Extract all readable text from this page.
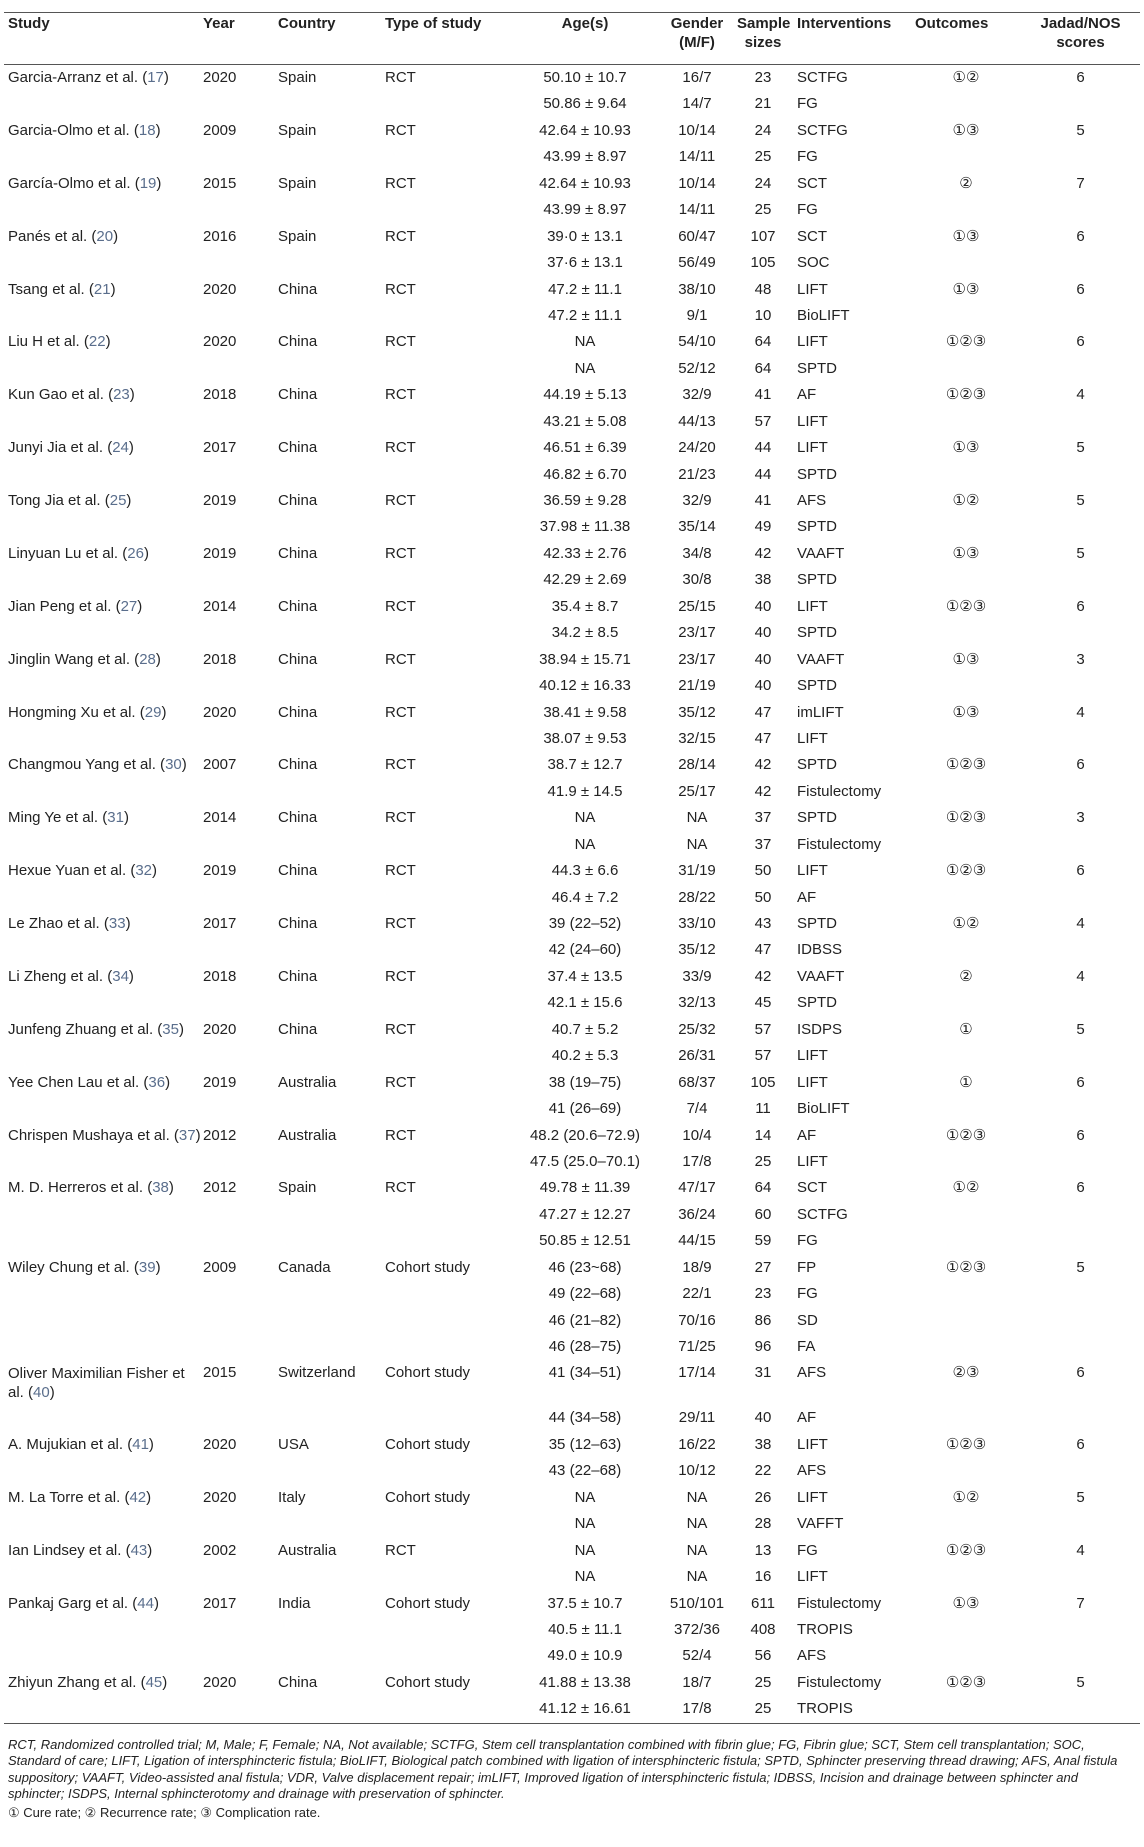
Study	Year	Country	Type of study	Age(s)	Gender (M/F)	Sample sizes	Interventions	Outcomes	Jadad/NOS scores
Garcia-Arranz et al. (17)	2020	Spain	RCT	50.10 ± 10.7	16/7	23	SCTFG	①②	6
				50.86 ± 9.64	14/7	21	FG		
Garcia-Olmo et al. (18)	2009	Spain	RCT	42.64 ± 10.93	10/14	24	SCTFG	①③	5
				43.99 ± 8.97	14/11	25	FG		
García-Olmo et al. (19)	2015	Spain	RCT	42.64 ± 10.93	10/14	24	SCT	②	7
				43.99 ± 8.97	14/11	25	FG		
Panés et al. (20)	2016	Spain	RCT	39·0 ± 13.1	60/47	107	SCT	①③	6
				37·6 ± 13.1	56/49	105	SOC		
Tsang et al. (21)	2020	China	RCT	47.2 ± 11.1	38/10	48	LIFT	①③	6
				47.2 ± 11.1	9/1	10	BioLIFT		
Liu H et al. (22)	2020	China	RCT	NA	54/10	64	LIFT	①②③	6
				NA	52/12	64	SPTD		
Kun Gao et al. (23)	2018	China	RCT	44.19 ± 5.13	32/9	41	AF	①②③	4
				43.21 ± 5.08	44/13	57	LIFT		
Junyi Jia et al. (24)	2017	China	RCT	46.51 ± 6.39	24/20	44	LIFT	①③	5
				46.82 ± 6.70	21/23	44	SPTD		
Tong Jia et al. (25)	2019	China	RCT	36.59 ± 9.28	32/9	41	AFS	①②	5
				37.98 ± 11.38	35/14	49	SPTD		
Linyuan Lu et al. (26)	2019	China	RCT	42.33 ± 2.76	34/8	42	VAAFT	①③	5
				42.29 ± 2.69	30/8	38	SPTD		
Jian Peng et al. (27)	2014	China	RCT	35.4 ± 8.7	25/15	40	LIFT	①②③	6
				34.2 ± 8.5	23/17	40	SPTD		
Jinglin Wang et al. (28)	2018	China	RCT	38.94 ± 15.71	23/17	40	VAAFT	①③	3
				40.12 ± 16.33	21/19	40	SPTD		
Hongming Xu et al. (29)	2020	China	RCT	38.41 ± 9.58	35/12	47	imLIFT	①③	4
				38.07 ± 9.53	32/15	47	LIFT		
Changmou Yang et al. (30)	2007	China	RCT	38.7 ± 12.7	28/14	42	SPTD	①②③	6
				41.9 ± 14.5	25/17	42	Fistulectomy		
Ming Ye et al. (31)	2014	China	RCT	NA	NA	37	SPTD	①②③	3
				NA	NA	37	Fistulectomy		
Hexue Yuan et al. (32)	2019	China	RCT	44.3 ± 6.6	31/19	50	LIFT	①②③	6
				46.4 ± 7.2	28/22	50	AF		
Le Zhao et al. (33)	2017	China	RCT	39 (22–52)	33/10	43	SPTD	①②	4
				42 (24–60)	35/12	47	IDBSS		
Li Zheng et al. (34)	2018	China	RCT	37.4 ± 13.5	33/9	42	VAAFT	②	4
				42.1 ± 15.6	32/13	45	SPTD		
Junfeng Zhuang et al. (35)	2020	China	RCT	40.7 ± 5.2	25/32	57	ISDPS	①	5
				40.2 ± 5.3	26/31	57	LIFT		
Yee Chen Lau et al. (36)	2019	Australia	RCT	38 (19–75)	68/37	105	LIFT	①	6
				41 (26–69)	7/4	11	BioLIFT		
Chrispen Mushaya et al. (37)	2012	Australia	RCT	48.2 (20.6–72.9)	10/4	14	AF	①②③	6
				47.5 (25.0–70.1)	17/8	25	LIFT		
M. D. Herreros et al. (38)	2012	Spain	RCT	49.78 ± 11.39	47/17	64	SCT	①②	6
				47.27 ± 12.27	36/24	60	SCTFG		
				50.85 ± 12.51	44/15	59	FG		
Wiley Chung et al. (39)	2009	Canada	Cohort study	46 (23~68)	18/9	27	FP	①②③	5
				49 (22–68)	22/1	23	FG		
				46 (21–82)	70/16	86	SD		
				46 (28–75)	71/25	96	FA		
Oliver Maximilian Fisher et al. (40)	2015	Switzerland	Cohort study	41 (34–51)	17/14	31	AFS	②③	6
				44 (34–58)	29/11	40	AF		
A. Mujukian et al. (41)	2020	USA	Cohort study	35 (12–63)	16/22	38	LIFT	①②③	6
				43 (22–68)	10/12	22	AFS		
M. La Torre et al. (42)	2020	Italy	Cohort study	NA	NA	26	LIFT	①②	5
				NA	NA	28	VAFFT		
Ian Lindsey et al. (43)	2002	Australia	RCT	NA	NA	13	FG	①②③	4
				NA	NA	16	LIFT		
Pankaj Garg et al. (44)	2017	India	Cohort study	37.5 ± 10.7	510/101	611	Fistulectomy	①③	7
				40.5 ± 11.1	372/36	408	TROPIS		
				49.0 ± 10.9	52/4	56	AFS		
Zhiyun Zhang et al. (45)	2020	China	Cohort study	41.88 ± 13.38	18/7	25	Fistulectomy	①②③	5
				41.12 ± 16.61	17/8	25	TROPIS		
RCT, Randomized controlled trial; M, Male; F, Female; NA, Not available; SCTFG, Stem cell transplantation combined with fibrin glue; FG, Fibrin glue; SCT, Stem cell transplantation; SOC, Standard of care; LIFT, Ligation of intersphincteric fistula; BioLIFT, Biological patch combined with ligation of intersphincteric fistula; SPTD, Sphincter preserving thread drawing; AFS, Anal fistula suppository; VAAFT, Video-assisted anal fistula; VDR, Valve displacement repair; imLIFT, Improved ligation of intersphincteric fistula; IDBSS, Incision and drainage between sphincter and sphincter; ISDPS, Internal sphincterotomy and drainage with preservation of sphincter.
① Cure rate; ② Recurrence rate; ③ Complication rate.
